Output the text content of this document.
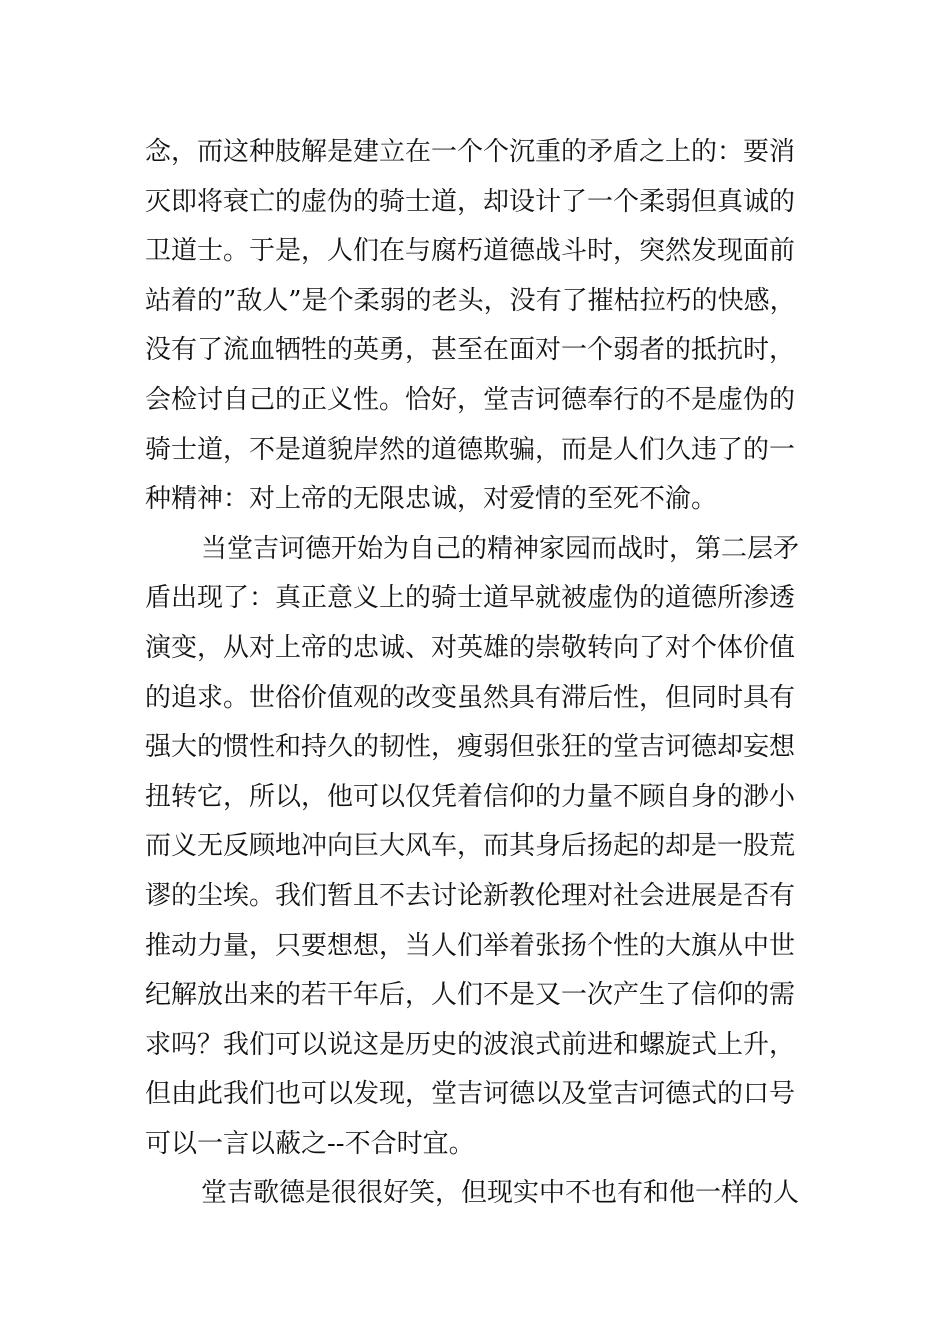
念，而这种肢解是建立在一个个沉重的矛盾之上的：要消
灭即将衰亡的虚伪的骑士道，却设计了一个柔弱但真诚的
卫道士。于是，人们在与腐朽道德战斗时，突然发现面前
站着的”敌人”是个柔弱的老头，没有了摧枯拉朽的快感，
没有了流血牺牲的英勇，甚至在面对一个弱者的抵抗时，
会检讨自己的正义性。恰好，堂吉诃德奉行的不是虚伪的
骑士道，不是道貌岸然的道德欺骗，而是人们久违了的一
种精神：对上帝的无限忠诚，对爱情的至死不渝。
当堂吉诃德开始为自己的精神家园而战时，第二层矛
盾出现了：真正意义上的骑士道早就被虚伪的道德所渗透
演变，从对上帝的忠诚、对英雄的崇敬转向了对个体价值
的追求。世俗价值观的改变虽然具有滞后性，但同时具有
强大的惯性和持久的韧性，瘦弱但张狂的堂吉诃德却妄想
扭转它，所以，他可以仅凭着信仰的力量不顾自身的渺小
而义无反顾地冲向巨大风车，而其身后扬起的却是一股荒
谬的尘埃。我们暂且不去讨论新教伦理对社会进展是否有
推动力量，只要想想，当人们举着张扬个性的大旗从中世
纪解放出来的若干年后，人们不是又一次产生了信仰的需
求吗？我们可以说这是历史的波浪式前进和螺旋式上升，
但由此我们也可以发现，堂吉诃德以及堂吉诃德式的口号
可以一言以蔽之--不合时宜。
堂吉歌德是很很好笑，但现实中不也有和他一样的人
